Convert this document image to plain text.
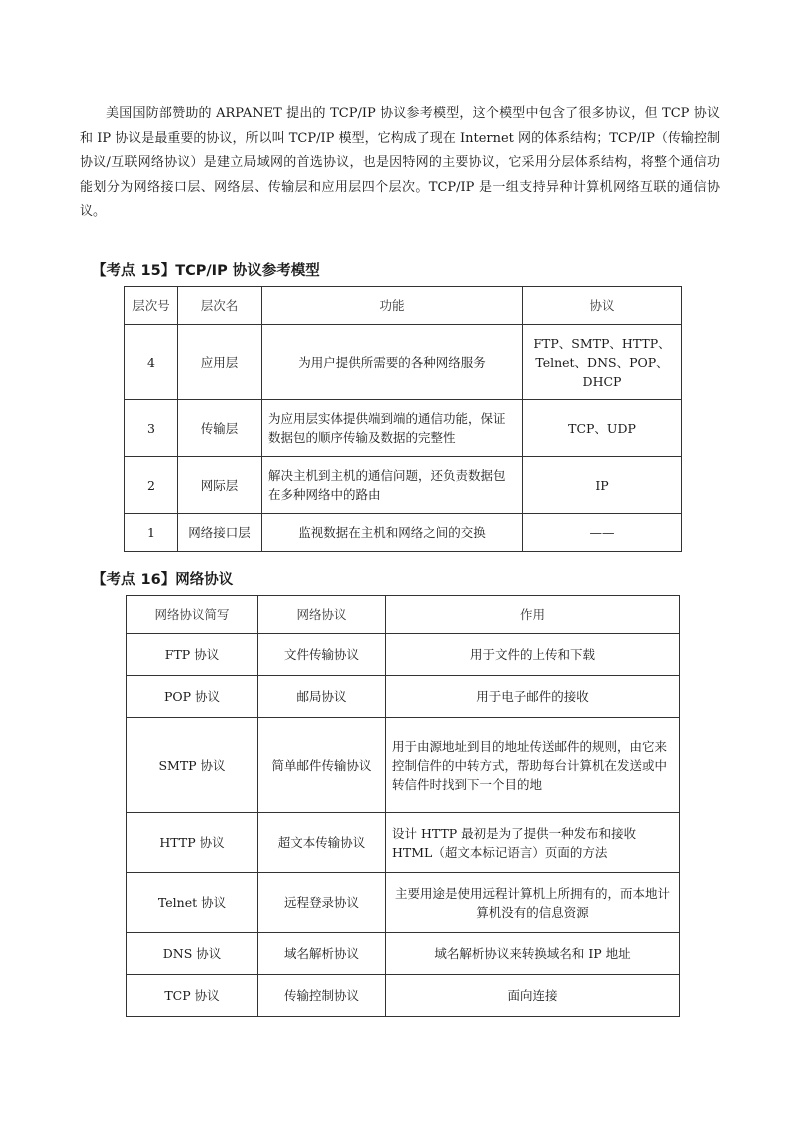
美国国防部赞助的 ARPANET 提出的 TCP/IP 协议参考模型，这个模型中包含了很多协议，但 TCP 协议和 IP 协议是最重要的协议，所以叫 TCP/IP 模型，它构成了现在 Internet 网的体系结构；TCP/IP（传输控制协议/互联网络协议）是建立局域网的首选协议，也是因特网的主要协议，它采用分层体系结构，将整个通信功能划分为网络接口层、网络层、传输层和应用层四个层次。TCP/IP 是一组支持异种计算机网络互联的通信协议。

【考点 15】TCP/IP 协议参考模型
层次号	层次名	功能	协议
4	应用层	为用户提供所需要的各种网络服务	FTP、SMTP、HTTP、Telnet、DNS、POP、DHCP
3	传输层	为应用层实体提供端到端的通信功能，保证数据包的顺序传输及数据的完整性	TCP、UDP
2	网际层	解决主机到主机的通信问题，还负责数据包在多种网络中的路由	IP
1	网络接口层	监视数据在主机和网络之间的交换	——
【考点 16】网络协议
网络协议简写	网络协议	作用
FTP 协议	文件传输协议	用于文件的上传和下载
POP 协议	邮局协议	用于电子邮件的接收
SMTP 协议	简单邮件传输协议	用于由源地址到目的地址传送邮件的规则，由它来控制信件的中转方式，帮助每台计算机在发送或中转信件时找到下一个目的地
HTTP 协议	超文本传输协议	设计 HTTP 最初是为了提供一种发布和接收 HTML（超文本标记语言）页面的方法
Telnet 协议	远程登录协议	主要用途是使用远程计算机上所拥有的，而本地计算机没有的信息资源
DNS 协议	域名解析协议	域名解析协议来转换域名和 IP 地址
TCP 协议	传输控制协议	面向连接
